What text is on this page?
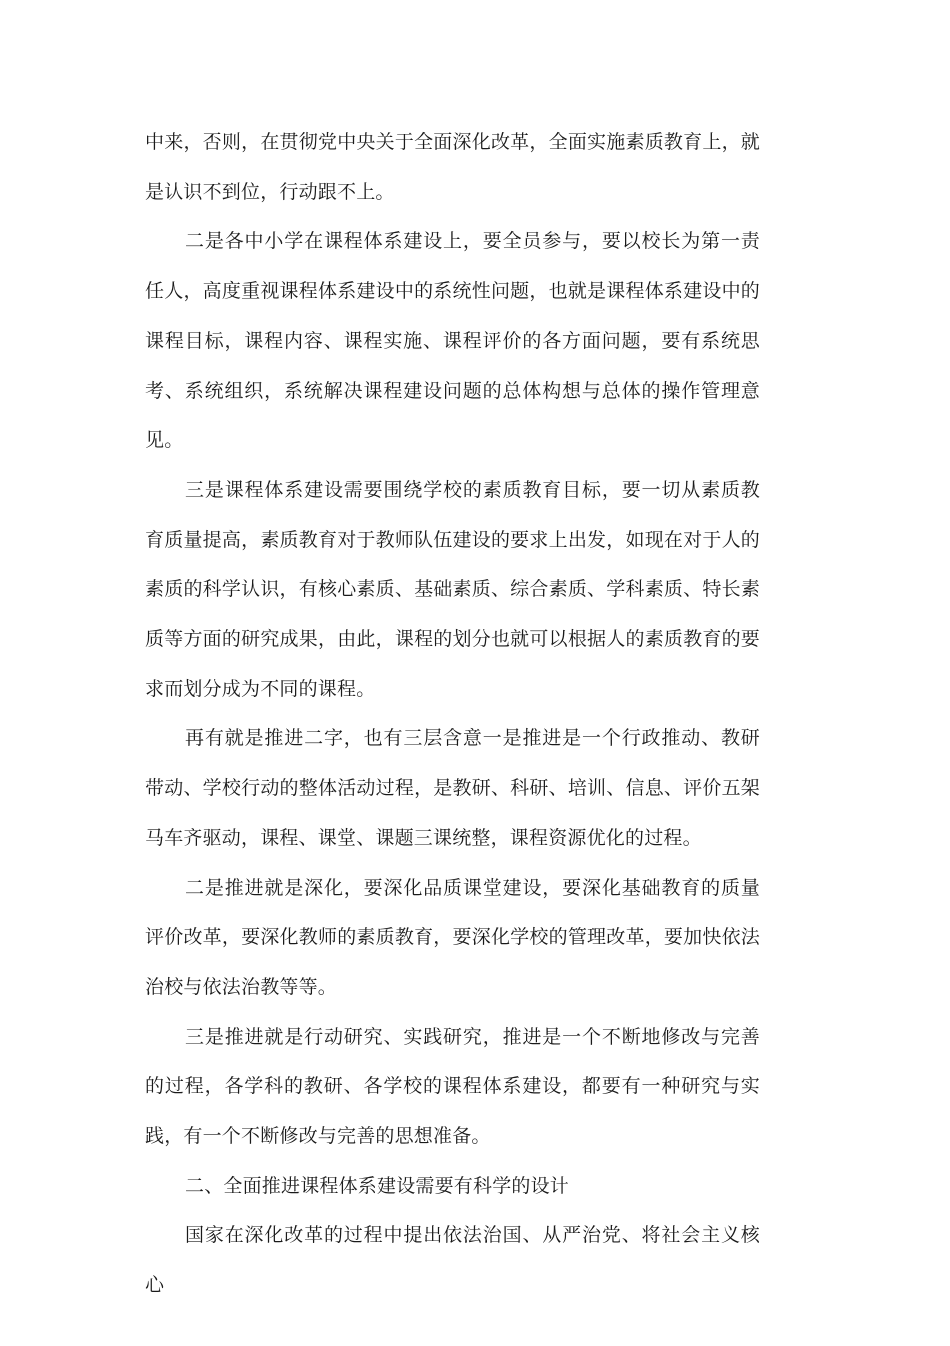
中来，否则，在贯彻党中央关于全面深化改革，全面实施素质教育上，就是认识不到位，行动跟不上。

二是各中小学在课程体系建设上，要全员参与，要以校长为第一责任人，高度重视课程体系建设中的系统性问题，也就是课程体系建设中的课程目标，课程内容、课程实施、课程评价的各方面问题，要有系统思考、系统组织，系统解决课程建设问题的总体构想与总体的操作管理意见。

三是课程体系建设需要围绕学校的素质教育目标，要一切从素质教育质量提高，素质教育对于教师队伍建设的要求上出发，如现在对于人的素质的科学认识，有核心素质、基础素质、综合素质、学科素质、特长素质等方面的研究成果，由此，课程的划分也就可以根据人的素质教育的要求而划分成为不同的课程。

再有就是推进二字，也有三层含意一是推进是一个行政推动、教研带动、学校行动的整体活动过程，是教研、科研、培训、信息、评价五架马车齐驱动，课程、课堂、课题三课统整，课程资源优化的过程。

二是推进就是深化，要深化品质课堂建设，要深化基础教育的质量评价改革，要深化教师的素质教育，要深化学校的管理改革，要加快依法治校与依法治教等等。

三是推进就是行动研究、实践研究，推进是一个不断地修改与完善的过程，各学科的教研、各学校的课程体系建设，都要有一种研究与实践，有一个不断修改与完善的思想准备。

二、全面推进课程体系建设需要有科学的设计

国家在深化改革的过程中提出依法治国、从严治党、将社会主义核心
